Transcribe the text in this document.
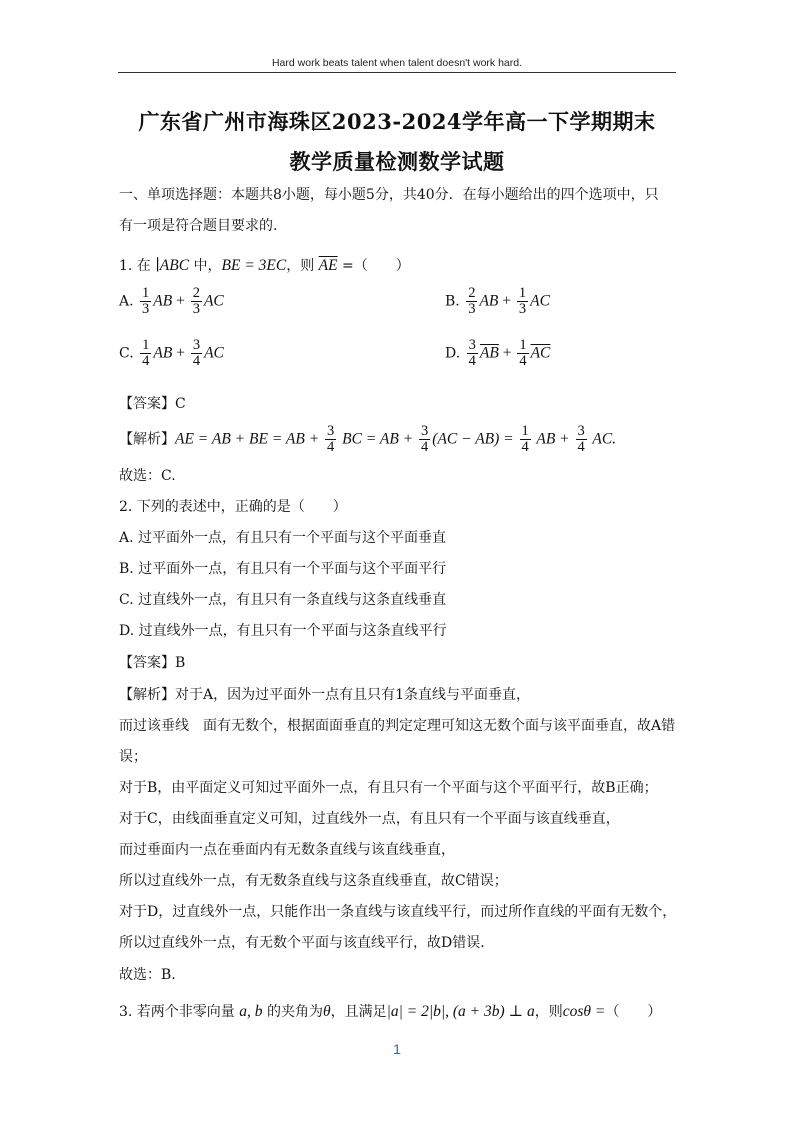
Hard work beats talent when talent doesn't work hard.
广东省广州市海珠区2023-2024学年高一下学期期末
教学质量检测数学试题
一、单项选择题：本题共8小题，每小题5分，共40分．在每小题给出的四个选项中，只
有一项是符合题目要求的.
1. 在 ∣ABC 中，BE = 3EC，则 $\overline{AE}$ =（　　）
A. $\frac{1}{3}$ AB + $\frac{2}{3}$ AC	B. $\frac{2}{3}$ AB + $\frac{1}{3}$ AC
C. $\frac{1}{4}$ AB + $\frac{3}{4}$ AC	D. $\frac{3}{4} \overline{AB} + \frac{1}{4} \overline{AC}$
【答案】C
【解析】AE = AB + BE = AB + $\frac{3}{4}$ BC = AB + $\frac{3}{4} (AC - AB) = \frac{1}{4}$ AB + $\frac{3}{4}$ AC.
故选：C.
2. 下列的表述中，正确的是（　　）
A. 过平面外一点，有且只有一个平面与这个平面垂直
B. 过平面外一点，有且只有一个平面与这个平面平行
C. 过直线外一点，有且只有一条直线与这条直线垂直
D. 过直线外一点，有且只有一个平面与这条直线平行
【答案】B
【解析】对于A，因为过平面外一点有且只有1条直线与平面垂直，
而过该垂线　面有无数个，根据面面垂直的判定定理可知这无数个面与该平面垂直，故A错
误；
对于B，由平面定义可知过平面外一点，有且只有一个平面与这个平面平行，故B正确；
对于C，由线面垂直定义可知，过直线外一点，有且只有一个平面与该直线垂直，
而过垂面内一点在垂面内有无数条直线与该直线垂直，
所以过直线外一点，有无数条直线与这条直线垂直，故C错误；
对于D，过直线外一点，只能作出一条直线与该直线平行，而过所作直线的平面有无数个，
所以过直线外一点，有无数个平面与该直线平行，故D错误.
故选：B.
3. 若两个非零向量 a, b 的夹角为θ，且满足|a| = 2|b|, (a + 3b) ⊥ a，则cosθ =（　　）
1
